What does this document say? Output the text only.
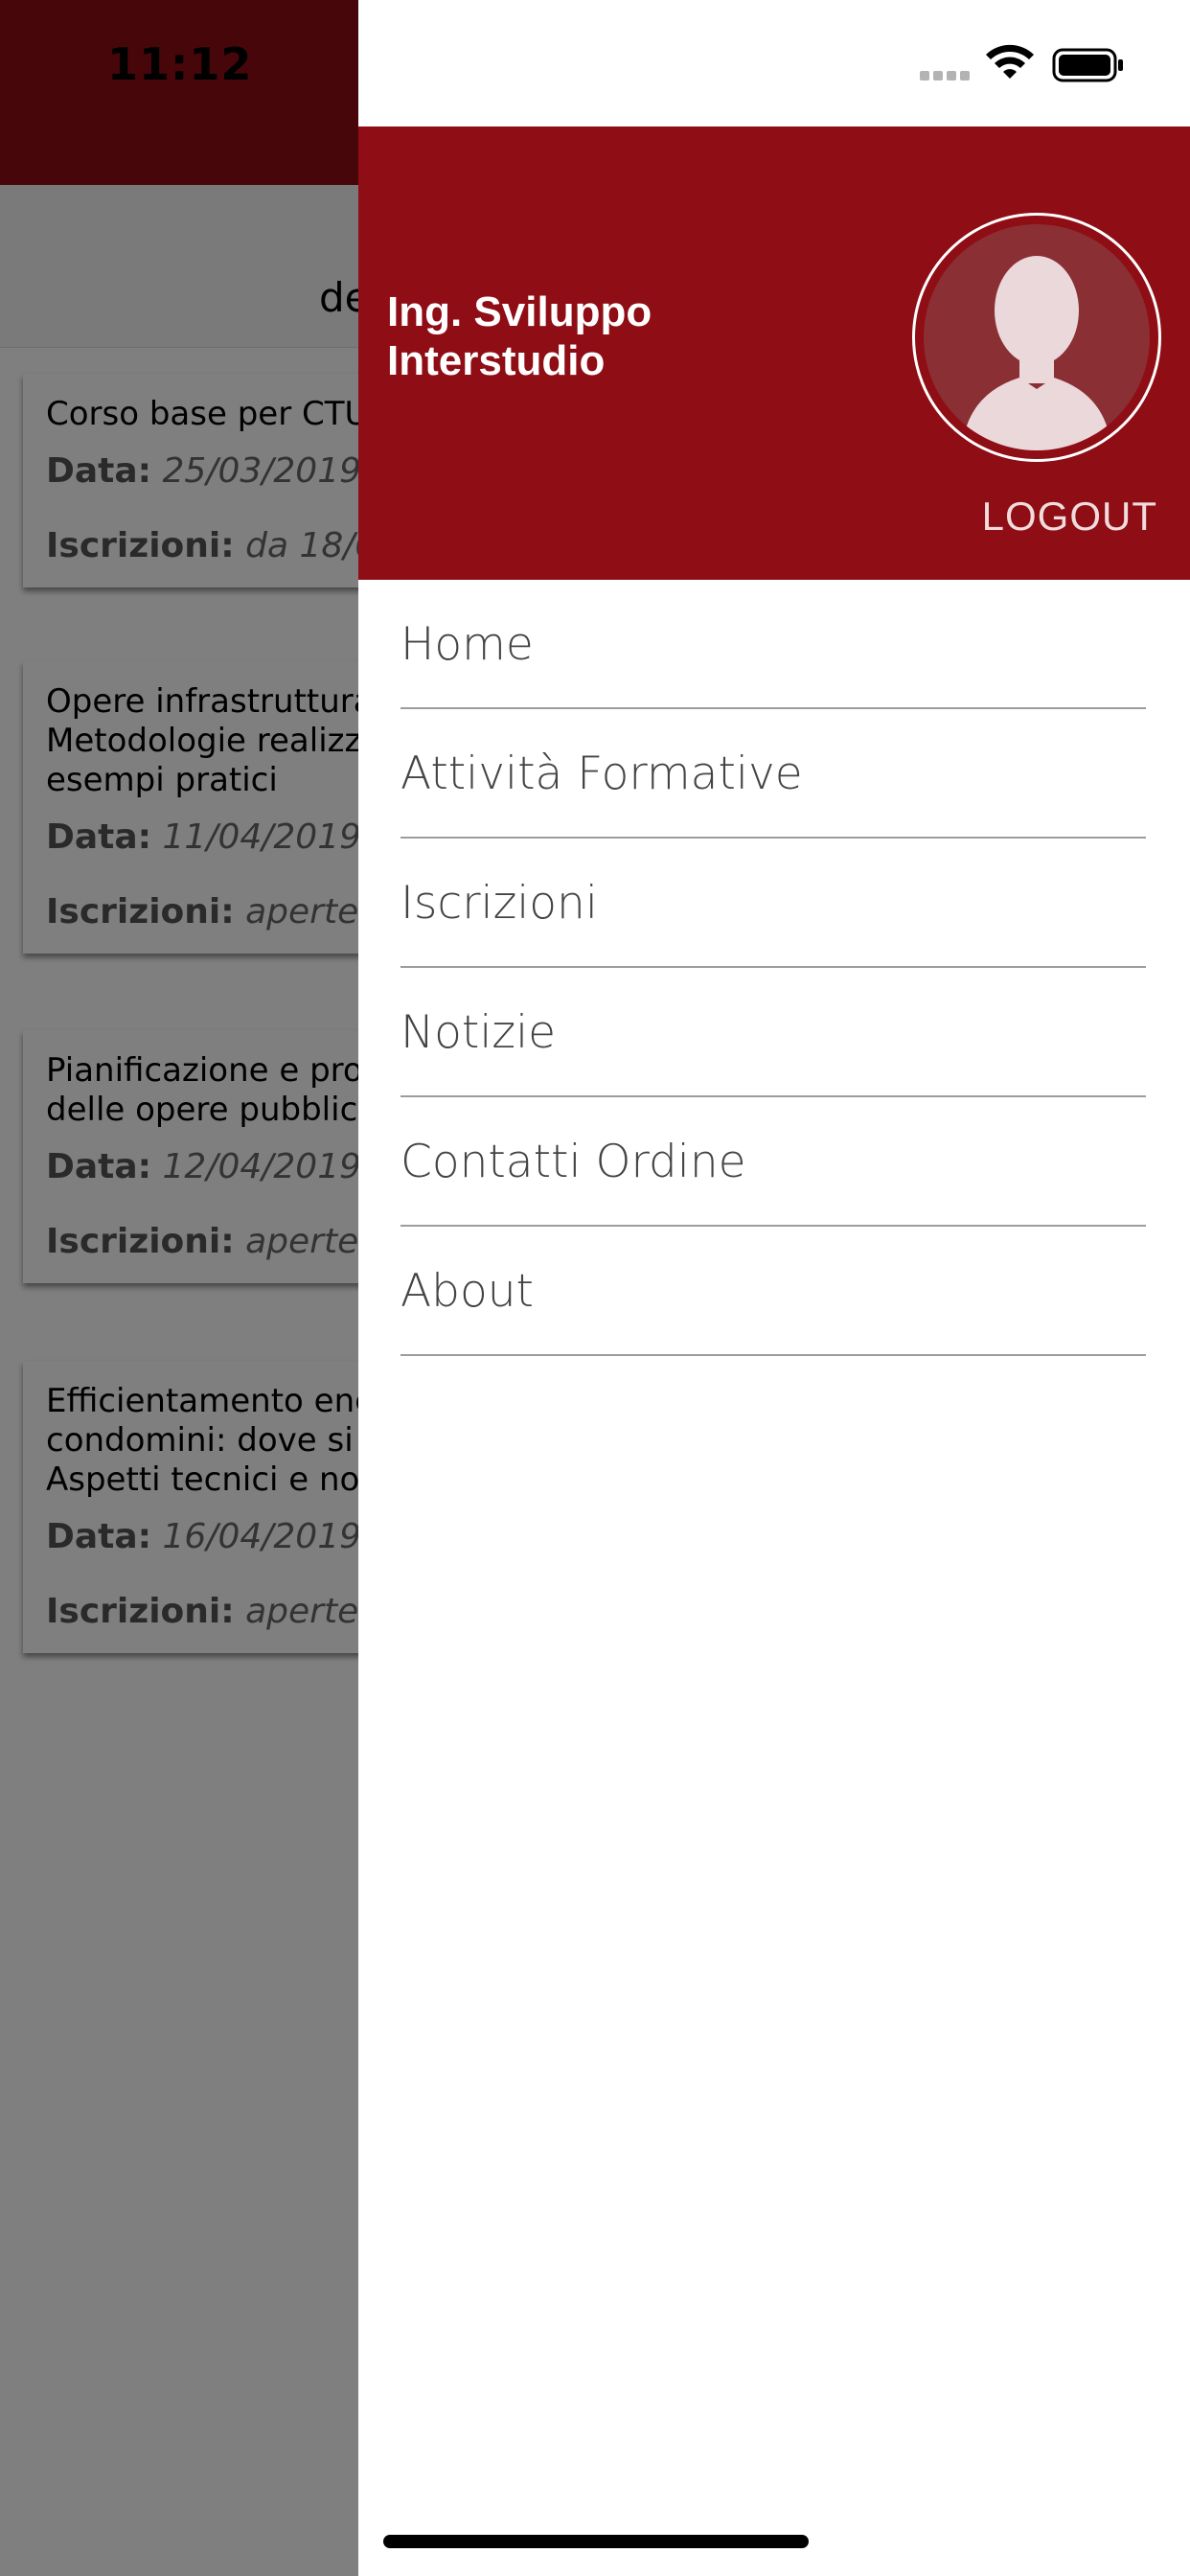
Ing. Sviluppo Interstudio
LOGOUT
Home
Attività Formative
Iscrizioni
Notizie
Contatti Ordine
About
